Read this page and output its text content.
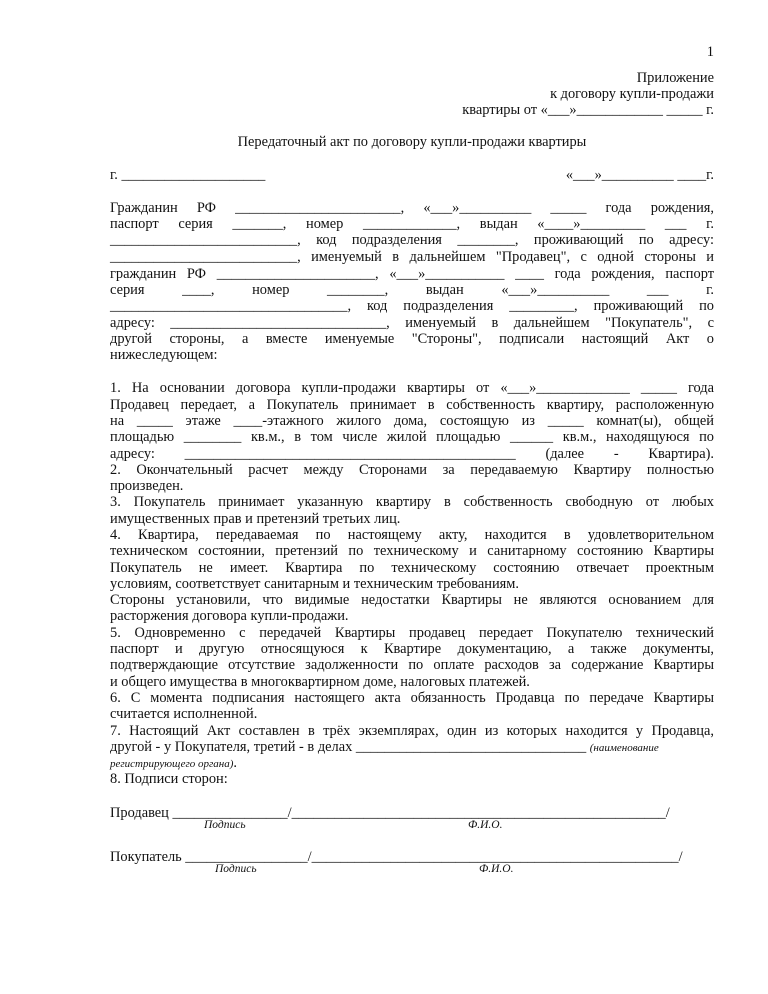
1
Приложение
к договору купли-продажи
квартиры от «___»____________ _____ г.
Передаточный акт по договору купли-продажи квартиры
г. ____________________	«___»__________ ____г.
Гражданин РФ _______________________, «___»__________ _____ года рождения,
паспорт серия _______, номер _____________, выдан «____»_________ ___ г.
__________________________, код подразделения ________, проживающий по адресу:
__________________________, именуемый в дальнейшем "Продавец", с одной стороны и
гражданин РФ ______________________, «___»___________ ____ года рождения, паспорт
серия ____, номер ________, выдан «___»__________ ___ г.
_________________________________, код подразделения _________, проживающий по
адресу: ______________________________, именуемый в дальнейшем "Покупатель", с
другой стороны, а вместе именуемые "Стороны", подписали настоящий Акт о
нижеследующем:
1. На основании договора купли-продажи квартиры от «___»_____________ _____ года
Продавец передает, а Покупатель принимает в собственность квартиру, расположенную
на _____ этаже ____-этажного жилого дома, состоящую из _____ комнат(ы), общей
площадью ________ кв.м., в том числе жилой площадью ______ кв.м., находящуюся по
адресу: ______________________________________________ (далее - Квартира).
2. Окончательный расчет между Сторонами за передаваемую Квартиру полностью
произведен.
3. Покупатель принимает указанную квартиру в собственность свободную от любых
имущественных прав и претензий третьих лиц.
4. Квартира, передаваемая по настоящему акту, находится в удовлетворительном
техническом состоянии, претензий по техническому и санитарному состоянию Квартиры
Покупатель не имеет. Квартира по техническому состоянию отвечает проектным
условиям, соответствует санитарным и техническим требованиям.
Стороны установили, что видимые недостатки Квартиры не являются основанием для
расторжения договора купли-продажи.
5. Одновременно с передачей Квартиры продавец передает Покупателю технический
паспорт и другую относящуюся к Квартире документацию, а также документы,
подтверждающие отсутствие задолженности по оплате расходов за содержание Квартиры
и общего имущества в многоквартирном доме, налоговых платежей.
6. С момента подписания настоящего акта обязанность Продавца по передаче Квартиры
считается исполненной.
7. Настоящий Акт составлен в трёх экземплярах, один из которых находится у Продавца,
другой - у Покупателя, третий - в делах ________________________________ (наименование
регистрирующего органа).
8. Подписи сторон:
Продавец ________________/____________________________________________________/
Подпись	Ф.И.О.
Покупатель _________________/___________________________________________________/
Подпись	Ф.И.О.
